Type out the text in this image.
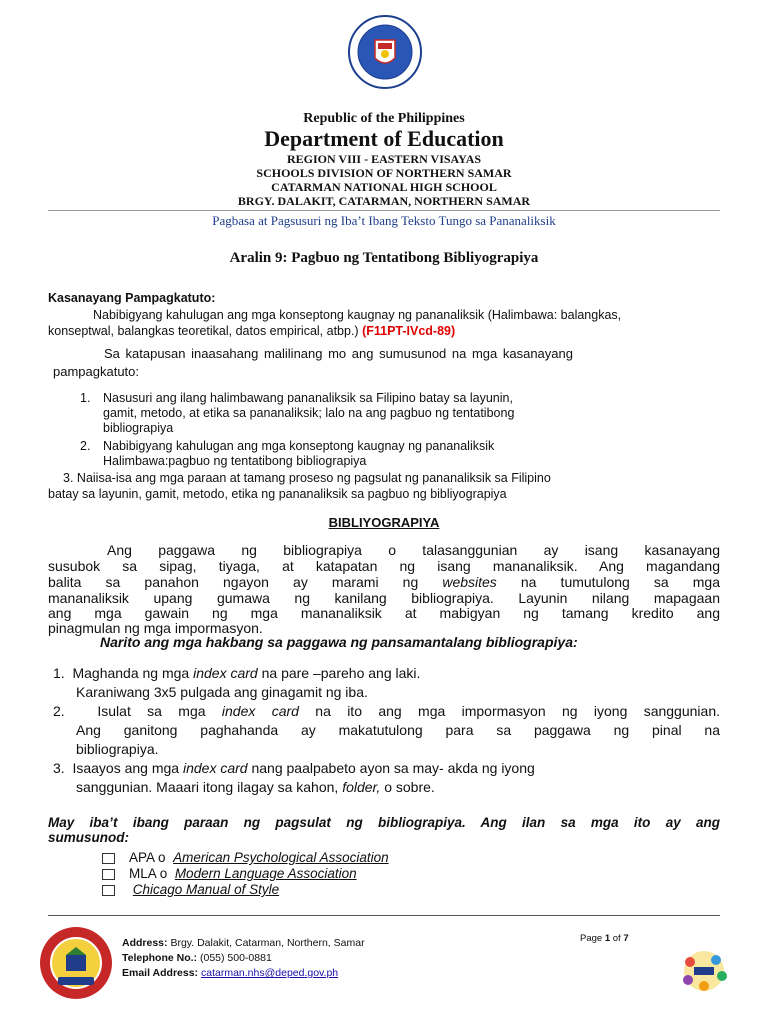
Republic of the Philippines
Department of Education
REGION VIII - EASTERN VISAYAS
SCHOOLS DIVISION OF NORTHERN SAMAR
CATARMAN NATIONAL HIGH SCHOOL
BRGY. DALAKIT, CATARMAN, NORTHERN SAMAR
Pagbasa at Pagsusuri ng Iba’t Ibang Teksto Tungo sa Pananaliksik
Aralin 9: Pagbuo ng Tentatibong Bibliyograpiya
Kasanayang Pampagkatuto:
Nabibigyang kahulugan ang mga konseptong kaugnay ng pananaliksik (Halimbawa: balangkas,
konseptwal, balangkas teoretikal, datos empirical, atbp.) (F11PT-IVcd-89)
Sa katapusan inaasahang malilinang mo ang sumusunod na mga kasanayang
pampagkatuto:
1. Nasusuri ang ilang halimbawang pananaliksik sa Filipino batay sa layunin,

gamit, metodo, at etika sa pananaliksik; lalo na ang pagbuo ng tentatibong

bibliograpiya
2. Nabibigyang kahulugan ang mga konseptong kaugnay ng pananaliksik

Halimbawa:pagbuo ng tentatibong bibliograpiya
3. Naiisa-isa ang mga paraan at tamang proseso ng pagsulat ng pananaliksik sa Filipino
batay sa layunin, gamit, metodo, etika ng pananaliksik sa pagbuo ng bibliyograpiya
BIBLIYOGRAPIYA
Ang paggawa ng bibliograpiya o talasanggunian ay isang kasanayang
susubok sa sipag, tiyaga, at katapatan ng isang mananaliksik. Ang magandang
balita sa panahon ngayon ay marami ng websites na tumutulong sa mga
mananaliksik upang gumawa ng kanilang bibliograpiya. Layunin nilang mapagaan
ang mga gawain ng mga mananaliksik at mabigyan ng tamang kredito ang
pinagmulan ng mga impormasyon.
Narito ang mga hakbang sa paggawa ng pansamantalang bibliograpiya:
1. Maghanda ng mga index card na pare –pareho ang laki.
Karaniwang 3x5 pulgada ang ginagamit ng iba.
2. Isulat sa mga index card na ito ang mga impormasyon ng iyong sanggunian.
Ang ganitong paghahanda ay makatutulong para sa paggawa ng pinal na
bibliograpiya.
3. Isaayos ang mga index card nang paalpabeto ayon sa may- akda ng iyong
sanggunian. Maaari itong ilagay sa kahon, folder, o sobre.
May iba’t ibang paraan ng pagsulat ng bibliograpiya. Ang ilan sa mga ito ay ang
sumusunod:
APA o American Psychological Association
MLA o Modern Language Association
Chicago Manual of Style
Address: Brgy. Dalakit, Catarman, Northern, Samar
Telephone No.: (055) 500-0881
Email Address: catarman.nhs@deped.gov.ph
Page 1 of 7
